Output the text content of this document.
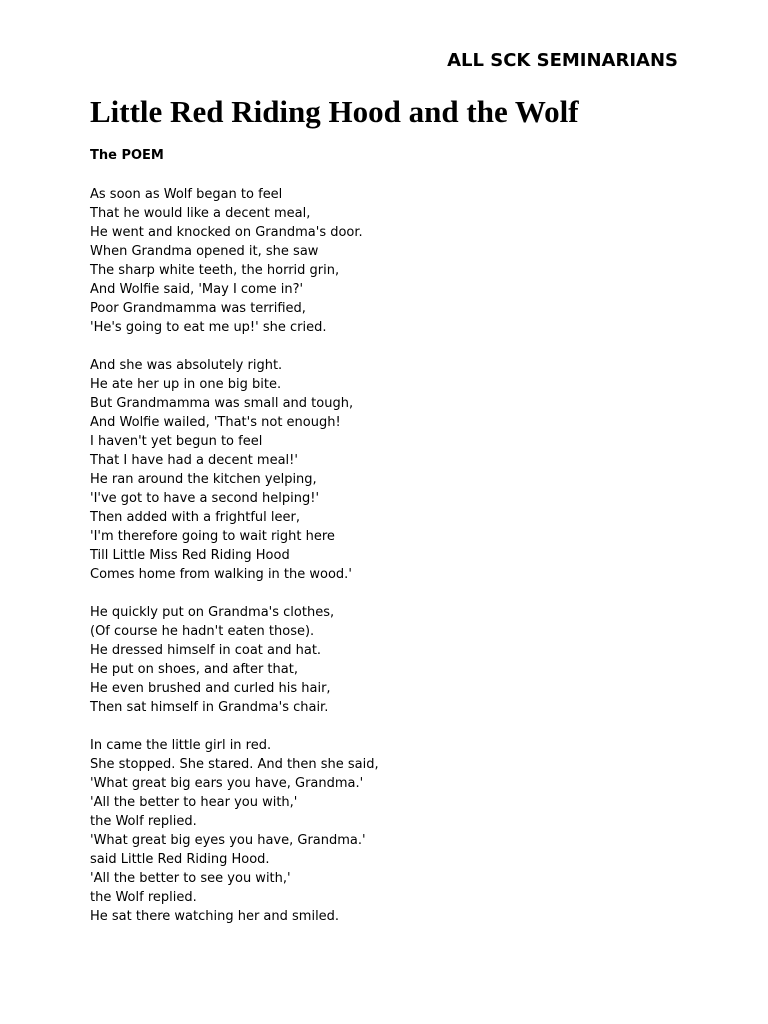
ALL SCK SEMINARIANS
Little Red Riding Hood and the Wolf
The POEM
As soon as Wolf began to feel
That he would like a decent meal,
He went and knocked on Grandma's door.
When Grandma opened it, she saw
The sharp white teeth, the horrid grin,
And Wolfie said, 'May I come in?'
Poor Grandmamma was terrified,
'He's going to eat me up!' she cried.
And she was absolutely right.
He ate her up in one big bite.
But Grandmamma was small and tough,
And Wolfie wailed, 'That's not enough!
I haven't yet begun to feel
That I have had a decent meal!'
He ran around the kitchen yelping,
'I've got to have a second helping!'
Then added with a frightful leer,
'I'm therefore going to wait right here
Till Little Miss Red Riding Hood
Comes home from walking in the wood.'
He quickly put on Grandma's clothes,
(Of course he hadn't eaten those).
He dressed himself in coat and hat.
He put on shoes, and after that,
He even brushed and curled his hair,
Then sat himself in Grandma's chair.
In came the little girl in red.
She stopped. She stared. And then she said,
'What great big ears you have, Grandma.'
'All the better to hear you with,'
the Wolf replied.
'What great big eyes you have, Grandma.'
said Little Red Riding Hood.
'All the better to see you with,'
the Wolf replied.
He sat there watching her and smiled.
